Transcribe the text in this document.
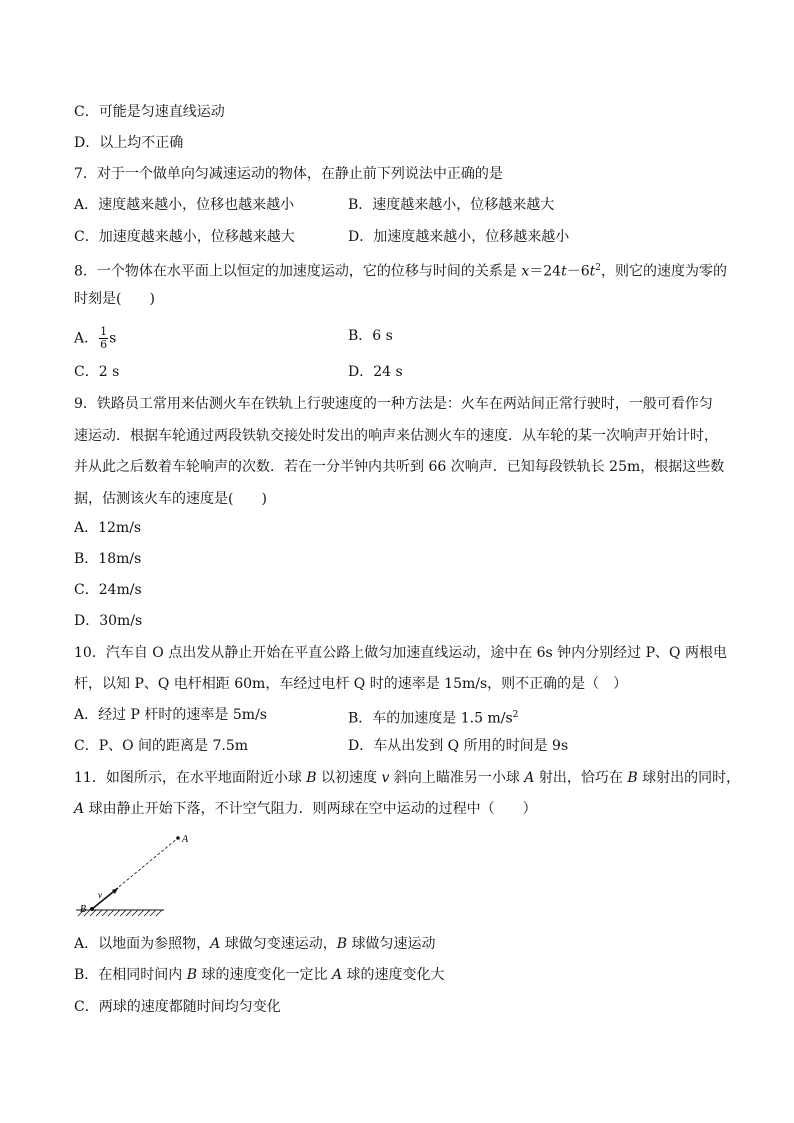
C．可能是匀速直线运动
D．以上均不正确
7．对于一个做单向匀减速运动的物体，在静止前下列说法中正确的是
A．速度越来越小，位移也越来越小	B．速度越来越小，位移越来越大
C．加速度越来越小，位移越来越大	D．加速度越来越小，位移越来越小
8．一个物体在水平面上以恒定的加速度运动，它的位移与时间的关系是 $x=24t-6t^2$，则它的速度为零的
时刻是(　　)
A． $\frac{1}{6}$ s	B．6 s
C．2 s	D．24 s
9．铁路员工常用来估测火车在铁轨上行驶速度的一种方法是：火车在两站间正常行驶时，一般可看作匀
速运动．根据车轮通过两段铁轨交接处时发出的响声来估测火车的速度．从车轮的某一次响声开始计时，
并从此之后数着车轮响声的次数．若在一分半钟内共听到 66 次响声．已知每段铁轨长 25m，根据这些数
据，估测该火车的速度是(　　)
A．12m/s
B．18m/s
C．24m/s
D．30m/s
10．汽车自 O 点出发从静止开始在平直公路上做匀加速直线运动，途中在 6s 钟内分别经过 P、Q 两根电
杆，以知 P、Q 电杆相距 60m，车经过电杆 Q 时的速率是 15m/s，则不正确的是（　）
A．经过 P 杆时的速率是 5m/s	B．车的加速度是 1.5 $m/s^2$
C．P、O 间的距离是 7.5m	D．车从出发到 Q 所用的时间是 9s
11．如图所示，在水平地面附近小球 B 以初速度 v 斜向上瞄准另一小球 A 射出，恰巧在 B 球射出的同时，
A 球由静止开始下落，不计空气阻力．则两球在空中运动的过程中（　　）
A
B
v
A．以地面为参照物，A 球做匀变速运动，B 球做匀速运动
B．在相同时间内 B 球的速度变化一定比 A 球的速度变化大
C．两球的速度都随时间均匀变化
